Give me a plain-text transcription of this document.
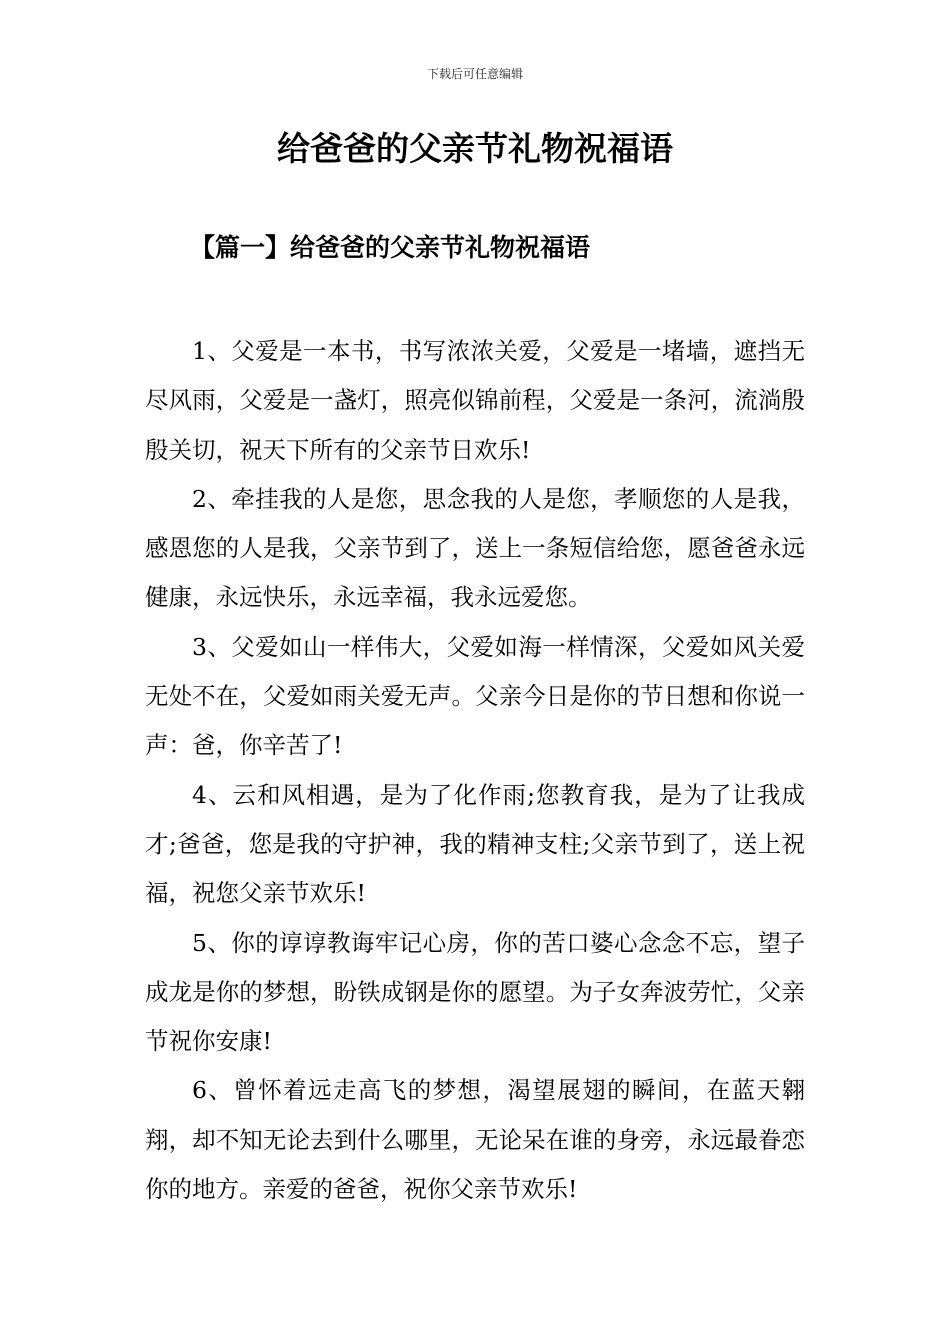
下载后可任意编辑
给爸爸的父亲节礼物祝福语
【篇一】给爸爸的父亲节礼物祝福语

1、父爱是一本书，书写浓浓关爱，父爱是一堵墙，遮挡无尽风雨，父爱是一盏灯，照亮似锦前程，父爱是一条河，流淌殷殷关切，祝天下所有的父亲节日欢乐!

2、牵挂我的人是您，思念我的人是您，孝顺您的人是我，感恩您的人是我，父亲节到了，送上一条短信给您，愿爸爸永远健康，永远快乐，永远幸福，我永远爱您。

3、父爱如山一样伟大，父爱如海一样情深，父爱如风关爱无处不在，父爱如雨关爱无声。父亲今日是你的节日想和你说一声：爸，你辛苦了!

4、云和风相遇，是为了化作雨;您教育我，是为了让我成才;爸爸，您是我的守护神，我的精神支柱;父亲节到了，送上祝福，祝您父亲节欢乐!

5、你的谆谆教诲牢记心房，你的苦口婆心念念不忘，望子成龙是你的梦想，盼铁成钢是你的愿望。为子女奔波劳忙，父亲节祝你安康!

6、曾怀着远走高飞的梦想，渴望展翅的瞬间，在蓝天翱翔，却不知无论去到什么哪里，无论呆在谁的身旁，永远最眷恋你的地方。亲爱的爸爸，祝你父亲节欢乐!
